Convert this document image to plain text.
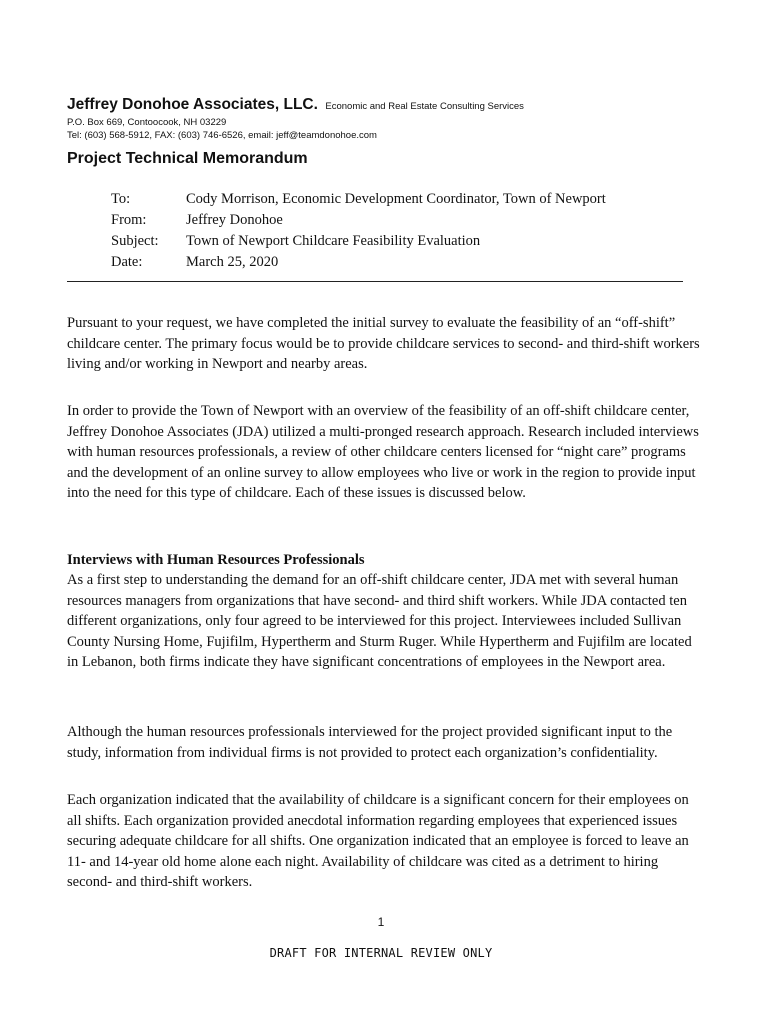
Jeffrey Donohoe Associates, LLC. Economic and Real Estate Consulting Services
P.O. Box 669, Contoocook, NH 03229
Tel: (603) 568-5912, FAX: (603) 746-6526, email: jeff@teamdonohoe.com
Project Technical Memorandum
To:	Cody Morrison, Economic Development Coordinator, Town of Newport
From:	Jeffrey Donohoe
Subject:	Town of Newport Childcare Feasibility Evaluation
Date:	March 25, 2020

Pursuant to your request, we have completed the initial survey to evaluate the feasibility of an “off-shift” childcare center. The primary focus would be to provide childcare services to second- and third-shift workers living and/or working in Newport and nearby areas.

In order to provide the Town of Newport with an overview of the feasibility of an off-shift childcare center, Jeffrey Donohoe Associates (JDA) utilized a multi-pronged research approach. Research included interviews with human resources professionals, a review of other childcare centers licensed for “night care” programs and the development of an online survey to allow employees who live or work in the region to provide input into the need for this type of childcare. Each of these issues is discussed below.

Interviews with Human Resources Professionals

As a first step to understanding the demand for an off-shift childcare center, JDA met with several human resources managers from organizations that have second- and third shift workers. While JDA contacted ten different organizations, only four agreed to be interviewed for this project. Interviewees included Sullivan County Nursing Home, Fujifilm, Hypertherm and Sturm Ruger. While Hypertherm and Fujifilm are located in Lebanon, both firms indicate they have significant concentrations of employees in the Newport area.

Although the human resources professionals interviewed for the project provided significant input to the study, information from individual firms is not provided to protect each organization’s confidentiality.

Each organization indicated that the availability of childcare is a significant concern for their employees on all shifts. Each organization provided anecdotal information regarding employees that experienced issues securing adequate childcare for all shifts. One organization indicated that an employee is forced to leave an 11- and 14-year old home alone each night. Availability of childcare was cited as a detriment to hiring second- and third-shift workers.

1
DRAFT FOR INTERNAL REVIEW ONLY
